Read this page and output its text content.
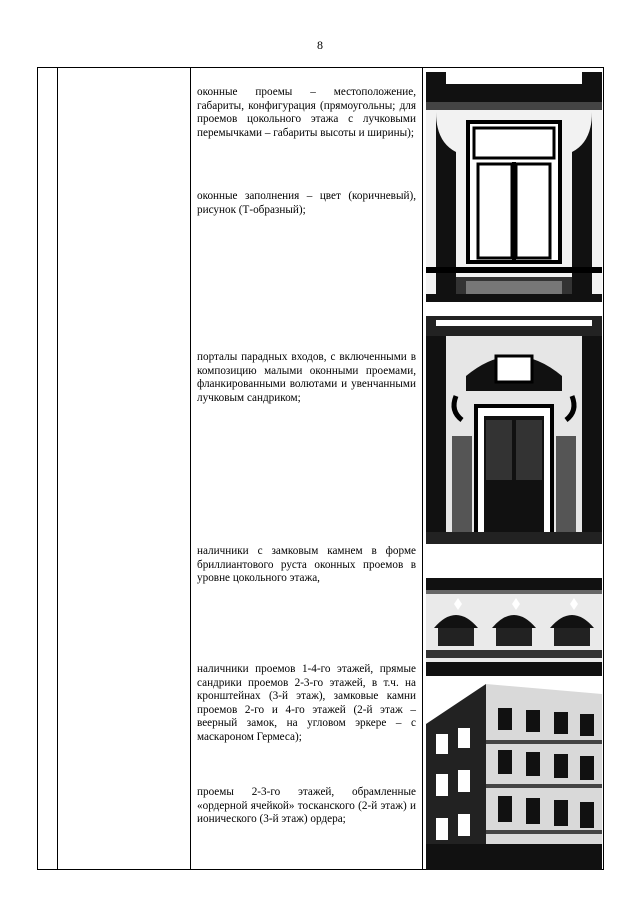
8

оконные проемы – местоположение, габариты, конфигурация (прямоугольны; для проемов цокольного этажа с лучковыми перемычками – габариты высоты и ширины);

оконные заполнения – цвет (коричневый), рисунок (Т-образный);

порталы парадных входов, с включенными в композицию малыми оконными проемами, фланкированными волютами и увенчанными лучковым сандриком;

наличники с замковым камнем в форме бриллиантового руста оконных проемов в уровне цокольного этажа,

наличники проемов 1-4-го этажей, прямые сандрики проемов 2-3-го этажей, в т.ч. на кронштейнах (3-й этаж), замковые камни проемов 2-го и 4-го этажей (2-й этаж – веерный замок, на угловом эркере – с маскароном Гермеса);

проемы 2-3-го этажей, обрамленные «ордерной ячейкой» тосканского (2-й этаж) и ионического (3-й этаж) ордера;
